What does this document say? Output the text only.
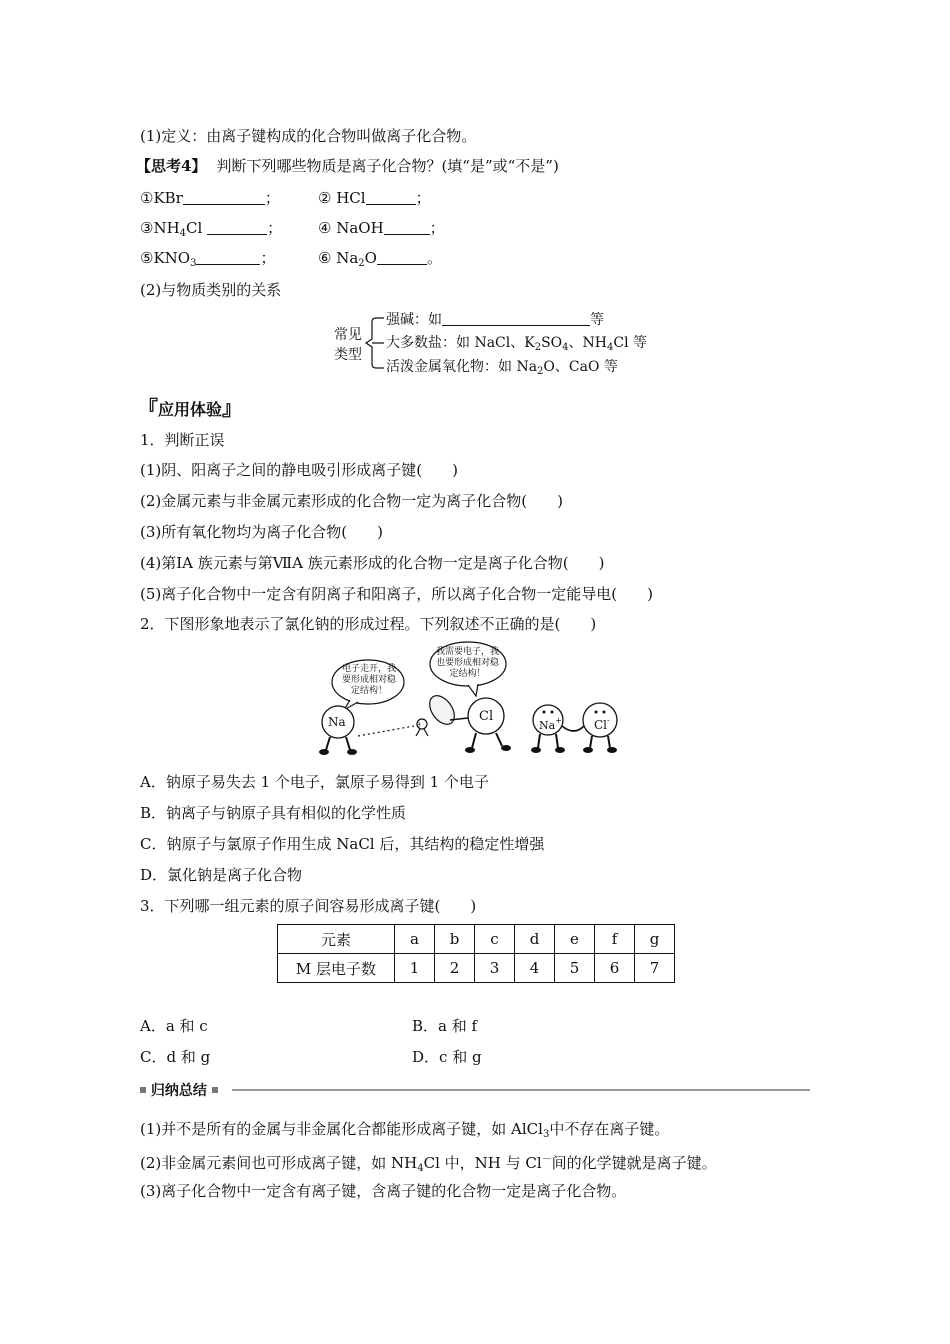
(1)定义：由离子键构成的化合物叫做离子化合物。
【思考4】 判断下列哪些物质是离子化合物？(填“是”或“不是”)
①KBr	；	② HCl	；
$③NH_4Cl$	； ④ NaOH	；
$⑤KNO_3$	；	⑥ $Na_2O$	。
(2)与物质类别的关系
常见
类型
强碱：如	等
大多数盐：如 NaCl、$K_2SO_4$、$NH_4Cl$ 等
活泼金属氧化物：如 $Na_2O$、CaO 等
『应用体验』
1．判断正误
(1)阴、阳离子之间的静电吸引形成离子键(　　)
(2)金属元素与非金属元素形成的化合物一定为离子化合物(　　)
(3)所有氧化物均为离子化合物(　　)
(4)第ⅠA 族元素与第ⅦA 族元素形成的化合物一定是离子化合物(　　)
(5)离子化合物中一定含有阴离子和阳离子，所以离子化合物一定能导电(　　)
2．下图形象地表示了氯化钠的形成过程。下列叙述不正确的是(　　)
电子走开，我
要形成相对稳
定结构！
我需要电子，我
也要形成相对稳
定结构！
Na	e
Cl
Na+	Cl-
A．钠原子易失去 1 个电子，氯原子易得到 1 个电子
B．钠离子与钠原子具有相似的化学性质
C．钠原子与氯原子作用生成 NaCl 后，其结构的稳定性增强
D．氯化钠是离子化合物
3．下列哪一组元素的原子间容易形成离子键(　　)
元素	a	b	c	d	e	f	g
M 层电子数	1	2	3	4	5	6	7
A．a 和 c	B．a 和 f
C．d 和 g	D．c 和 g
归纳总结
(1)并不是所有的金属与非金属化合都能形成离子键，如 AlCl$_3$中不存在离子键。
(2)非金属元素间也可形成离子键，如 $NH_4Cl$ 中，NH 与 Cl－间的化学键就是离子键。
(3)离子化合物中一定含有离子键，含离子键的化合物一定是离子化合物。
